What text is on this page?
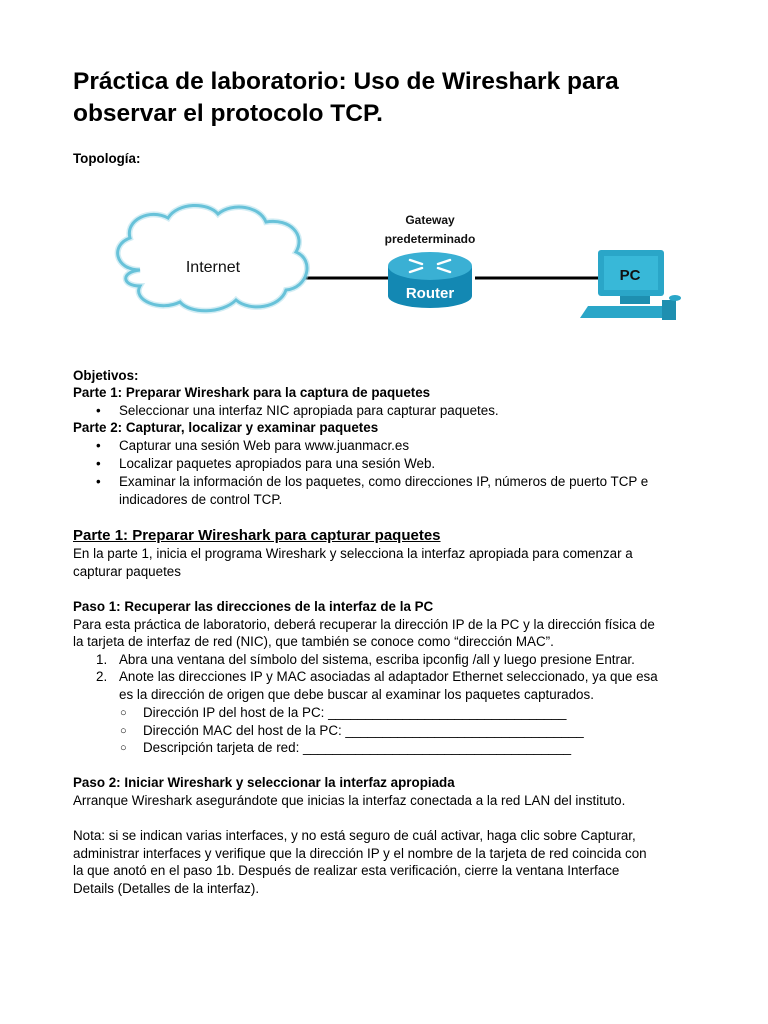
Práctica de laboratorio: Uso de Wireshark para observar el protocolo TCP.

Topología:

Internet
Gateway
predeterminado
Router
PC

Objetivos:

Parte 1: Preparar Wireshark para la captura de paquetes

• Seleccionar una interfaz NIC apropiada para capturar paquetes.

Parte 2: Capturar, localizar y examinar paquetes

• Capturar una sesión Web para www.juanmacr.es
• Localizar paquetes apropiados para una sesión Web.
• Examinar la información de los paquetes, como direcciones IP, números de puerto TCP e
indicadores de control TCP.

Parte 1: Preparar Wireshark para capturar paquetes

En la parte 1, inicia el programa Wireshark y selecciona la interfaz apropiada para comenzar a

capturar paquetes

Paso 1: Recuperar las direcciones de la interfaz de la PC

Para esta práctica de laboratorio, deberá recuperar la dirección IP de la PC y la dirección física de

la tarjeta de interfaz de red (NIC), que también se conoce como “dirección MAC”.

1. Abra una ventana del símbolo del sistema, escriba ipconfig /all y luego presione Entrar.
2. Anote las direcciones IP y MAC asociadas al adaptador Ethernet seleccionado, ya que esa
es la dirección de origen que debe buscar al examinar los paquetes capturados.
○ Dirección IP del host de la PC: ________________________________
○ Dirección MAC del host de la PC: ________________________________
○ Descripción tarjeta de red: ____________________________________

Paso 2: Iniciar Wireshark y seleccionar la interfaz apropiada

Arranque Wireshark asegurándote que inicias la interfaz conectada a la red LAN del instituto.

Nota: si se indican varias interfaces, y no está seguro de cuál activar, haga clic sobre Capturar,

administrar interfaces y verifique que la dirección IP y el nombre de la tarjeta de red coincida con

la que anotó en el paso 1b. Después de realizar esta verificación, cierre la ventana Interface

Details (Detalles de la interfaz).
